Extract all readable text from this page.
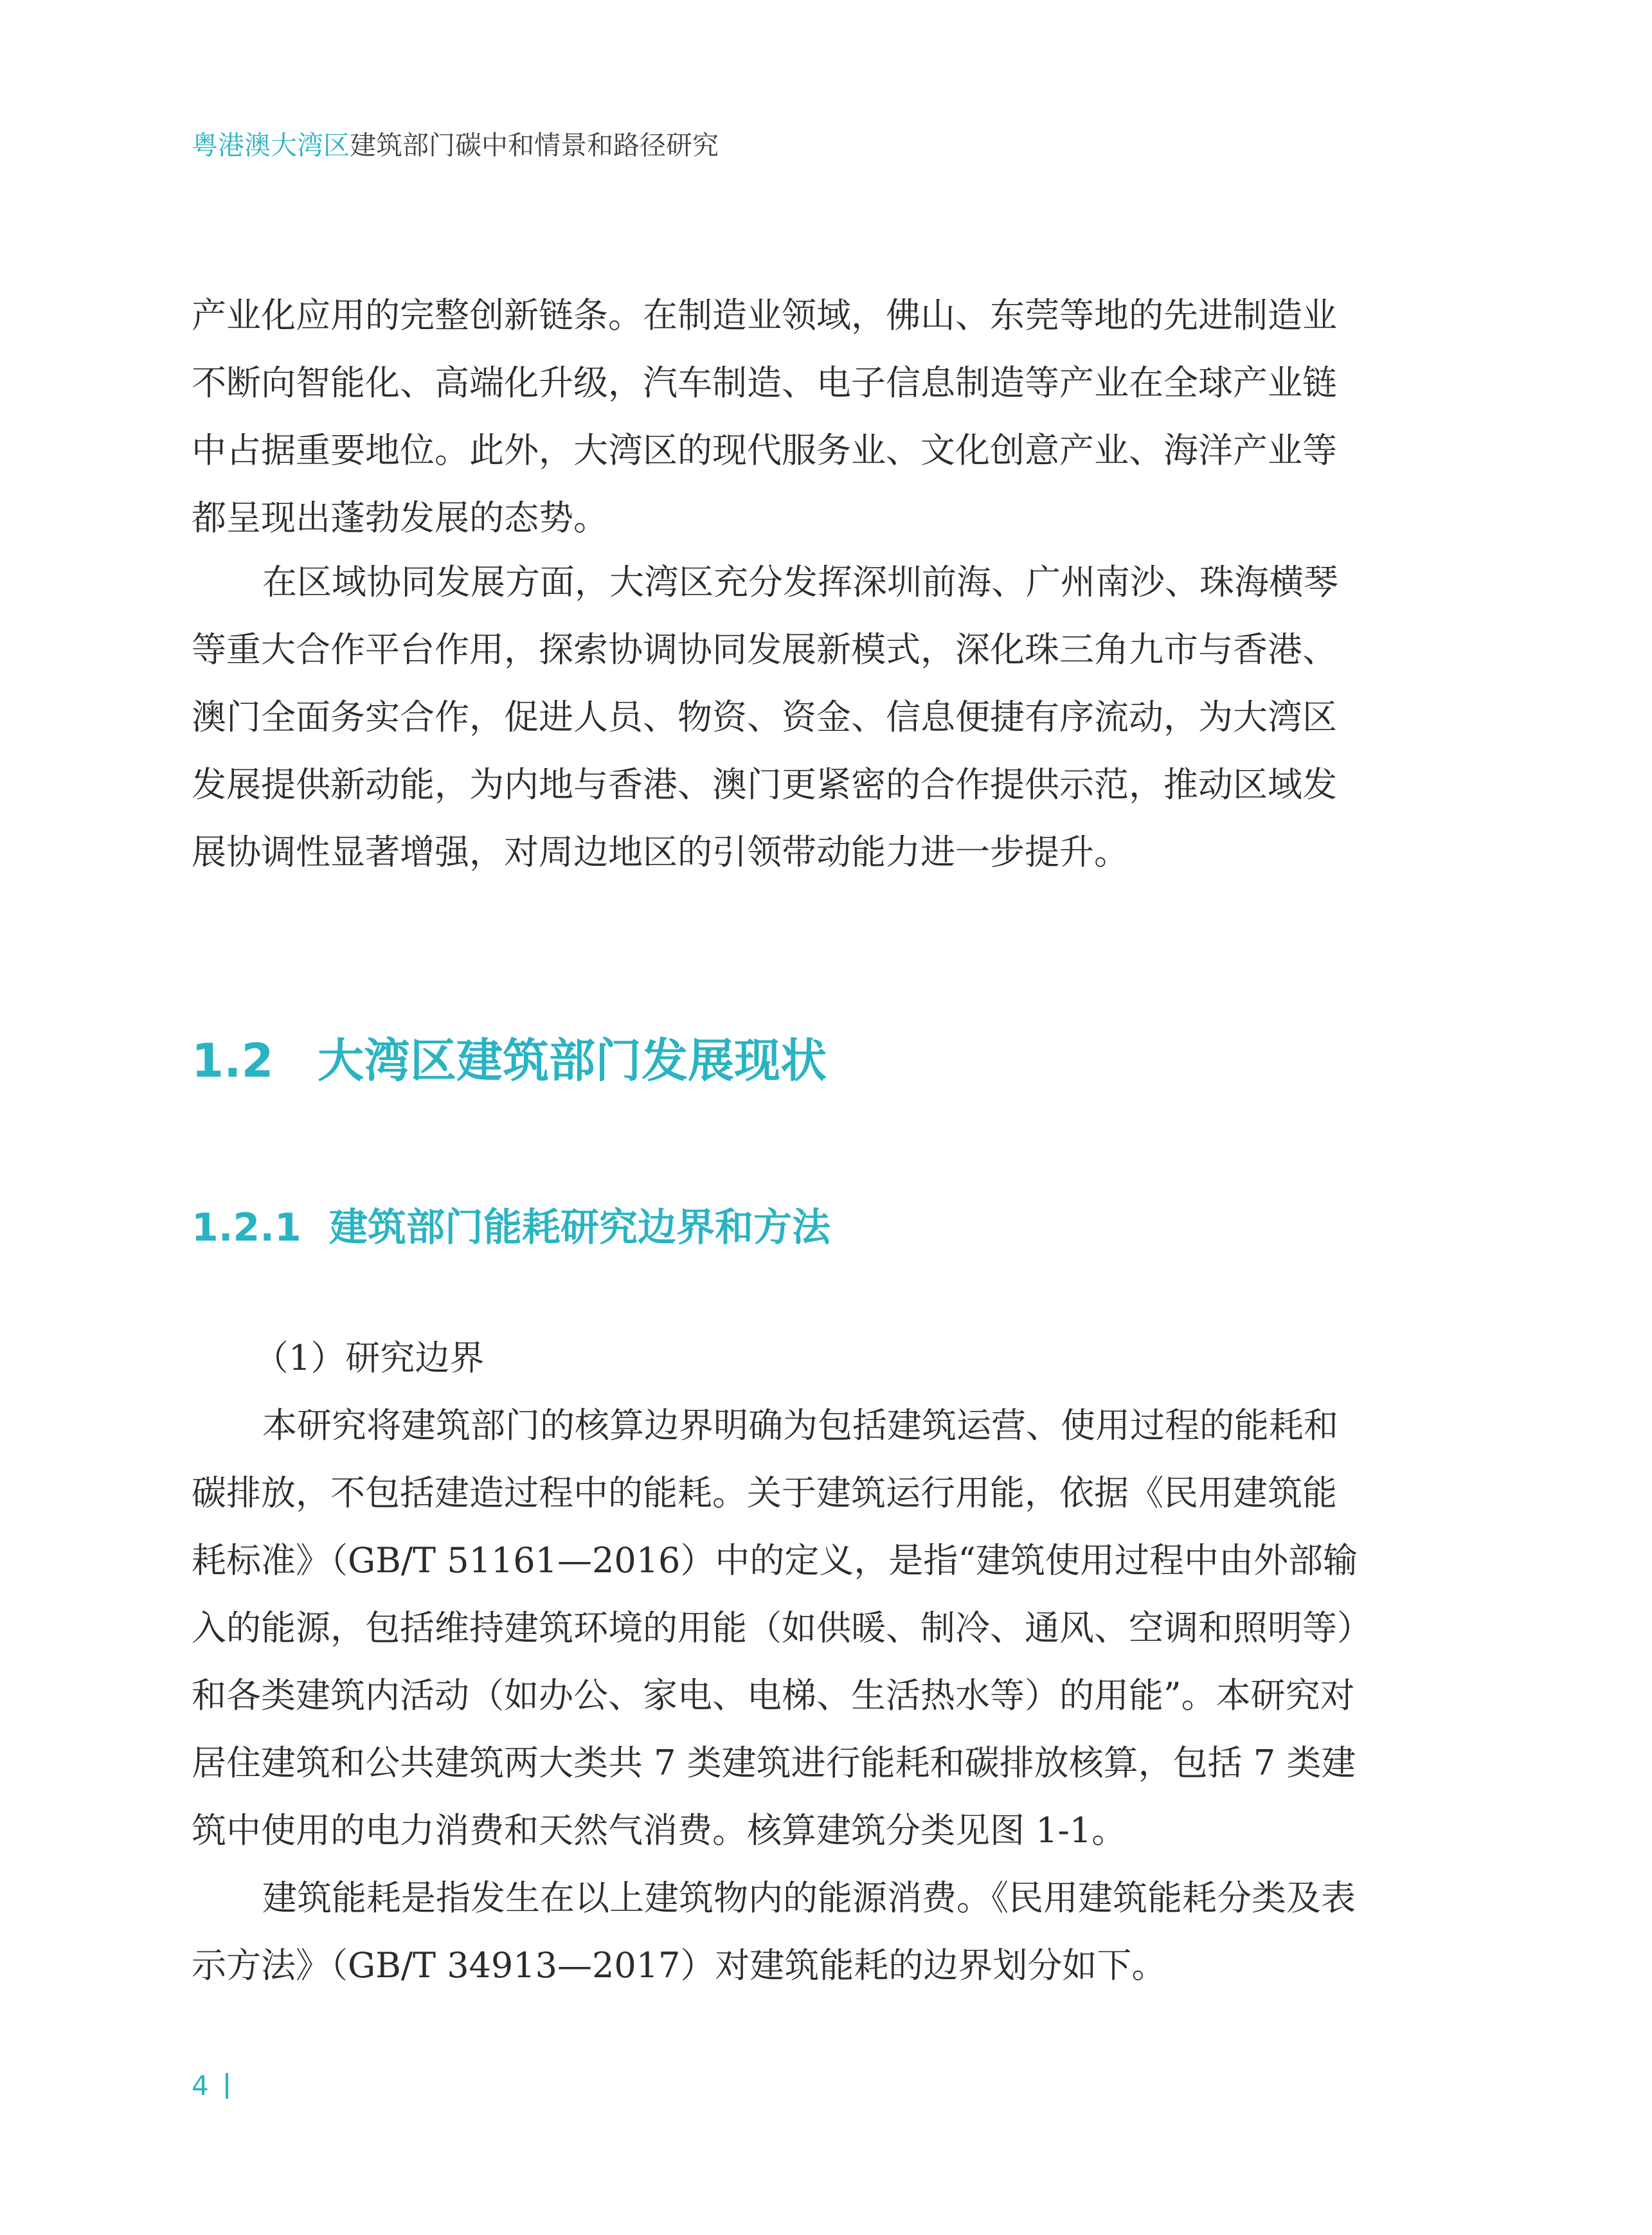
粤港澳大湾区建筑部门碳中和情景和路径研究
产业化应用的完整创新链条。在制造业领域，佛山、东莞等地的先进制造业
不断向智能化、高端化升级，汽车制造、电子信息制造等产业在全球产业链
中占据重要地位。此外，大湾区的现代服务业、文化创意产业、海洋产业等
都呈现出蓬勃发展的态势。
在区域协同发展方面，大湾区充分发挥深圳前海、广州南沙、珠海横琴
等重大合作平台作用，探索协调协同发展新模式，深化珠三角九市与香港、
澳门全面务实合作，促进人员、物资、资金、信息便捷有序流动，为大湾区
发展提供新动能，为内地与香港、澳门更紧密的合作提供示范，推动区域发
展协调性显著增强，对周边地区的引领带动能力进一步提升。
1.2 大湾区建筑部门发展现状
1.2.1 建筑部门能耗研究边界和方法
（1）研究边界
本研究将建筑部门的核算边界明确为包括建筑运营、使用过程的能耗和
碳排放，不包括建造过程中的能耗。关于建筑运行用能，依据《民用建筑能
耗标准》（GB/T 51161—2016）中的定义，是指“建筑使用过程中由外部输
入的能源，包括维持建筑环境的用能（如供暖、制冷、通风、空调和照明等）
和各类建筑内活动（如办公、家电、电梯、生活热水等）的用能”。本研究对
居住建筑和公共建筑两大类共 7 类建筑进行能耗和碳排放核算，包括 7 类建
筑中使用的电力消费和天然气消费。核算建筑分类见图 1-1。
建筑能耗是指发生在以上建筑物内的能源消费。《民用建筑能耗分类及表
示方法》（GB/T 34913—2017）对建筑能耗的边界划分如下。
4
